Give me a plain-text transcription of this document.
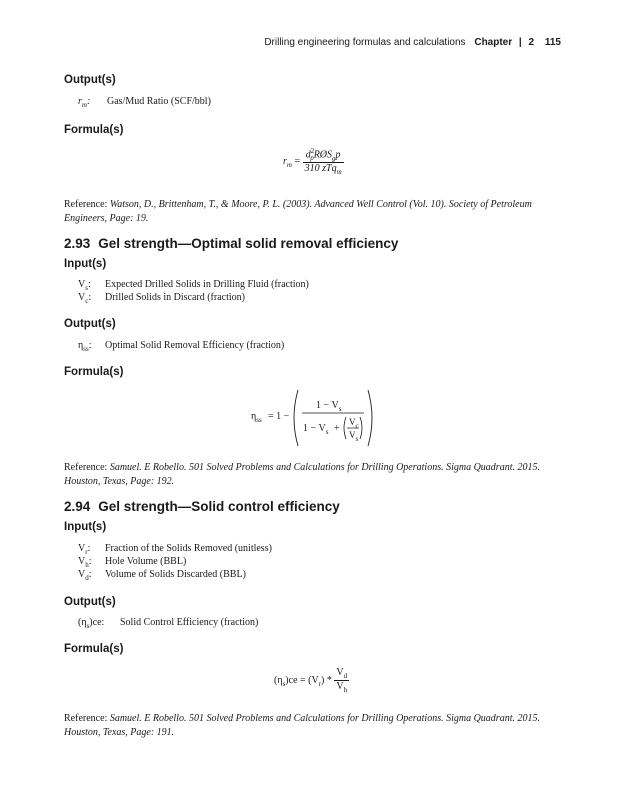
Drilling engineering formulas and calculations Chapter | 2 115
Output(s)
$r_m$: Gas/Mud Ratio (SCF/bbl)
Formula(s)
$r_m = \frac{d^2_pRØS_gp}{310 zTq_m}$
Reference: Watson, D., Brittenham, T., & Moore, P. L. (2003). Advanced Well Control (Vol. 10). Society of Petroleum Engineers, Page: 19.
2.93 Gel strength—Optimal solid removal efficiency
Input(s)
$V_s$: Expected Drilled Solids in Drilling Fluid (fraction)
$V_c$: Drilled Solids in Discard (fraction)
Output(s)
$\eta_{ss}$: Optimal Solid Removal Efficiency (fraction)
Formula(s)
$\eta_{ss} = 1$ −
$1 - V_s$
$1 - V_s$ +
$V_c$
$V_s$
Reference: Samuel. E Robello. 501 Solved Problems and Calculations for Drilling Operations. Sigma Quadrant. 2015. Houston, Texas, Page: 192.
2.94 Gel strength—Solid control efficiency
Input(s)
$V_r$: Fraction of the Solids Removed (unitless)
$V_h$: Hole Volume (BBL)
$V_d$: Volume of Solids Discarded (BBL)
Output(s)
$(\eta_s)ce$: Solid Control Efficiency (fraction)
Formula(s)
$(\eta_s)ce = (V_r) * \frac{V_d}{V_h}$
Reference: Samuel. E Robello. 501 Solved Problems and Calculations for Drilling Operations. Sigma Quadrant. 2015. Houston, Texas, Page: 191.
